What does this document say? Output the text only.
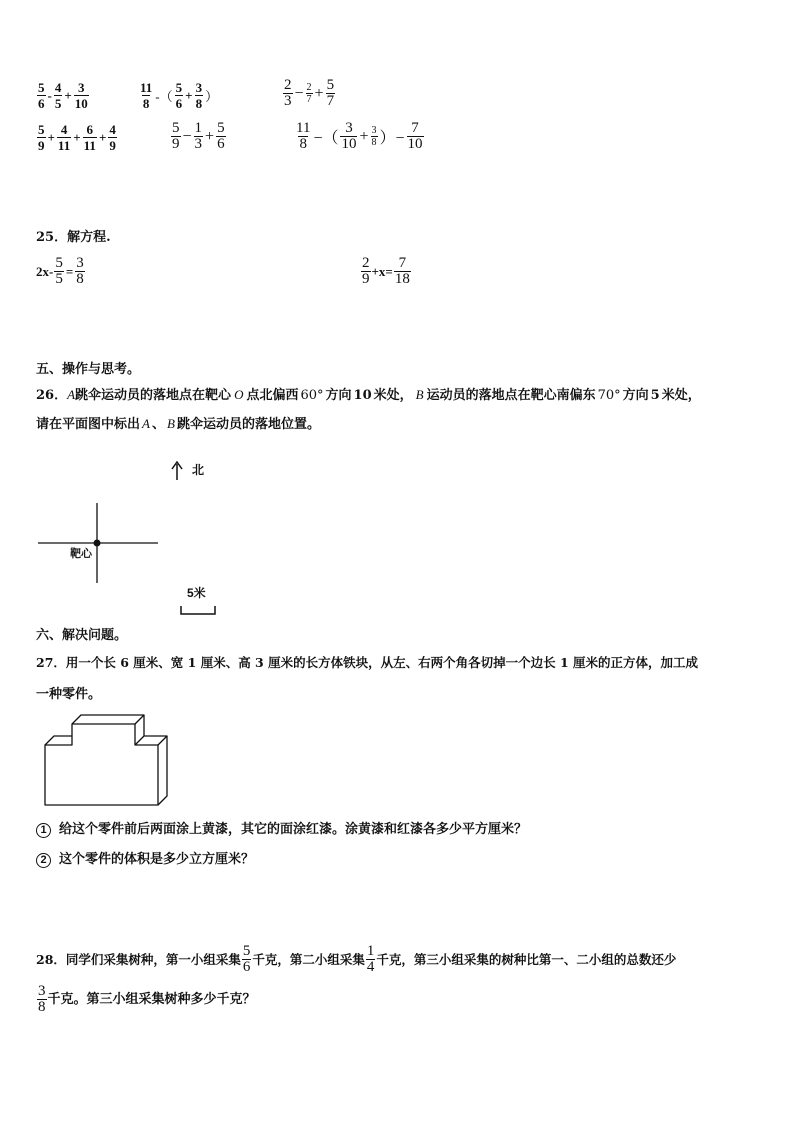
$\frac{5}{6} - \frac{4}{5} + \frac{3}{10}$	$\frac{11}{8}$ -（ $\frac{5}{6} + \frac{3}{8}$ ）	$\frac{2}{3} - \frac{2}{7} + \frac{5}{7}$
$\frac{5}{9} + \frac{4}{11} + \frac{6}{11} + \frac{4}{9}$	$\frac{5}{9} - \frac{1}{3} + \frac{5}{6}$	$\frac{11}{8}$ −（ $\frac{3}{10} + \frac{3}{8}$ ）− $\frac{7}{10}$
25．解方程.
$2x- \frac{5}{5} = \frac{3}{8}$	$\frac{2}{9} +x= \frac{7}{18}$
五、操作与思考。
26．A跳伞运动员的落地点在靶心 O 点北偏西 60° 方向 10 米处， B 运动员的落地点在靶心南偏东 70° 方向 5 米处，
请在平面图中标出 A 、 B 跳伞运动员的落地位置。
北
靶心
5米
六、解决问题。
27．用一个长 6 厘米、宽 1 厘米、高 3 厘米的长方体铁块，从左、右两个角各切掉一个边长 1 厘米的正方体，加工成
一种零件。
1 给这个零件前后两面涂上黄漆，其它的面涂红漆。涂黄漆和红漆各多少平方厘米？
2 这个零件的体积是多少立方厘米？
28．同学们采集树种，第一小组采集 $\frac{5}{6}$ 千克，第二小组采集 $\frac{1}{4}$ 千克，第三小组采集的树种比第一、二小组的总数还少
$\frac{3}{8}$ 千克。第三小组采集树种多少千克？
